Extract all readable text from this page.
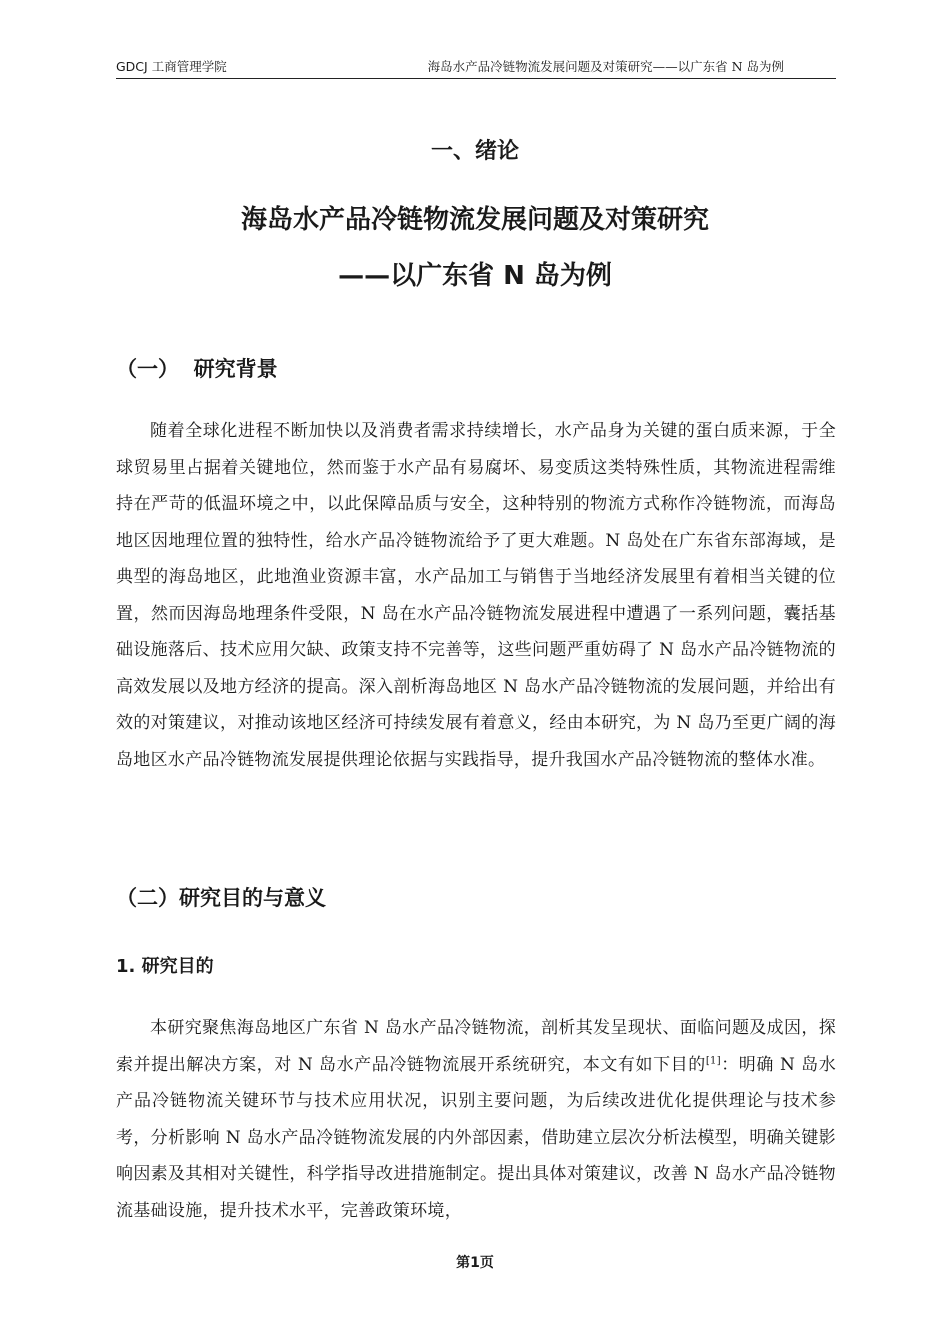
GDCJ 工商管理学院	海岛水产品冷链物流发展问题及对策研究——以广东省 N 岛为例
一、绪论
海岛水产品冷链物流发展问题及对策研究
——以广东省 N 岛为例
（一）  研究背景

随着全球化进程不断加快以及消费者需求持续增长，水产品身为关键的蛋白质来源，于全球贸易里占据着关键地位，然而鉴于水产品有易腐坏、易变质这类特殊性质，其物流进程需维持在严苛的低温环境之中，以此保障品质与安全，这种特别的物流方式称作冷链物流，而海岛地区因地理位置的独特性，给水产品冷链物流给予了更大难题。N 岛处在广东省东部海域，是典型的海岛地区，此地渔业资源丰富，水产品加工与销售于当地经济发展里有着相当关键的位置，然而因海岛地理条件受限，N 岛在水产品冷链物流发展进程中遭遇了一系列问题，囊括基础设施落后、技术应用欠缺、政策支持不完善等，这些问题严重妨碍了 N 岛水产品冷链物流的高效发展以及地方经济的提高。深入剖析海岛地区 N 岛水产品冷链物流的发展问题，并给出有效的对策建议，对推动该地区经济可持续发展有着意义，经由本研究，为 N 岛乃至更广阔的海岛地区水产品冷链物流发展提供理论依据与实践指导，提升我国水产品冷链物流的整体水准。

（二）研究目的与意义
1. 研究目的

本研究聚焦海岛地区广东省 N 岛水产品冷链物流，剖析其发呈现状、面临问题及成因，探索并提出解决方案，对 N 岛水产品冷链物流展开系统研究，本文有如下目的[1]：明确 N 岛水产品冷链物流关键环节与技术应用状况，识别主要问题，为后续改进优化提供理论与技术参考，分析影响 N 岛水产品冷链物流发展的内外部因素，借助建立层次分析法模型，明确关键影响因素及其相对关键性，科学指导改进措施制定。提出具体对策建议，改善 N 岛水产品冷链物流基础设施，提升技术水平，完善政策环境，

第1页
